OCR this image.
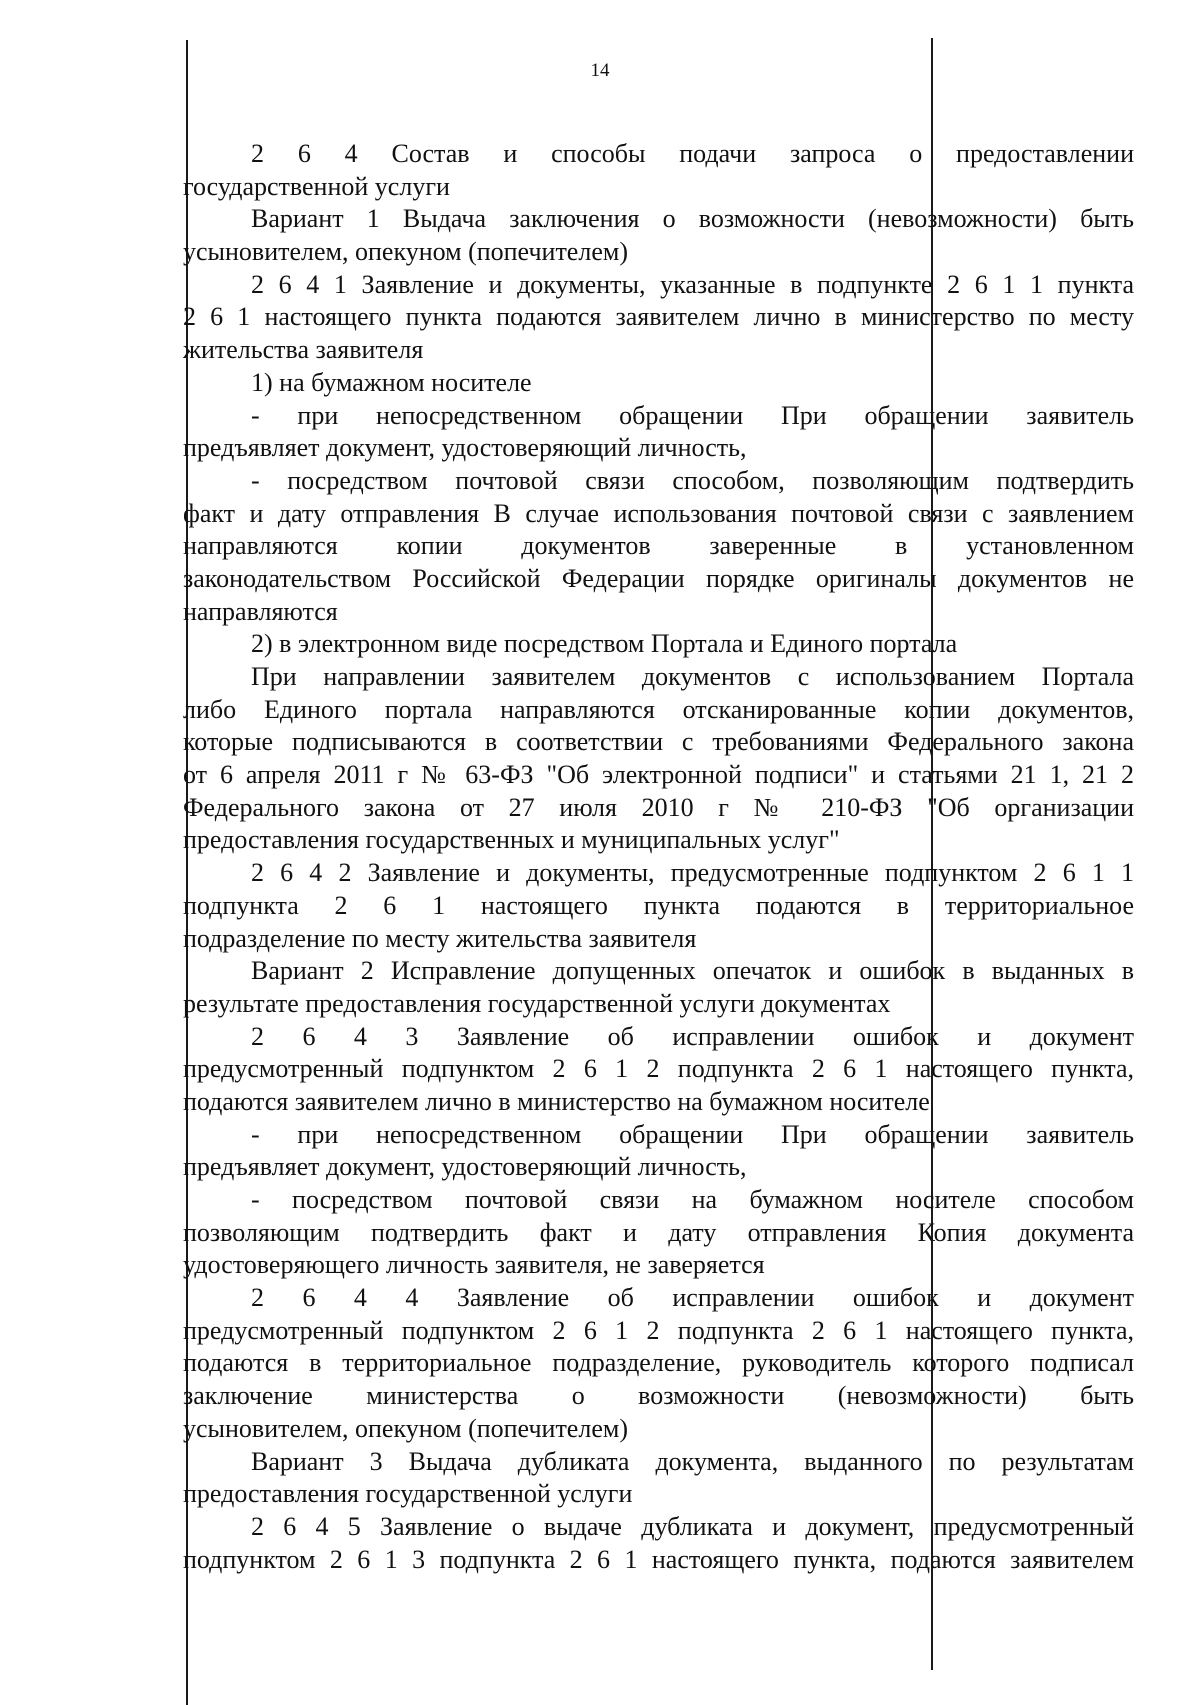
14
2 6 4 Состав и способы подачи запроса о предоставлении
государственной услуги
Вариант 1 Выдача заключения о возможности (невозможности) быть
усыновителем, опекуном (попечителем)
2 6 4 1 Заявление и документы, указанные в подпункте 2 6 1 1 пункта
2 6 1 настоящего пункта подаются заявителем лично в министерство по месту
жительства заявителя
1) на бумажном носителе
- при непосредственном обращении При обращении заявитель
предъявляет документ, удостоверяющий личность,
- посредством почтовой связи способом, позволяющим подтвердить
факт и дату отправления В случае использования почтовой связи с заявлением
направляются копии документов заверенные в установленном
законодательством Российской Федерации порядке оригиналы документов не
направляются
2) в электронном виде посредством Портала и Единого портала
При направлении заявителем документов с использованием Портала
либо Единого портала направляются отсканированные копии документов,
которые подписываются в соответствии с требованиями Федерального закона
от 6 апреля 2011 г № 63-ФЗ "Об электронной подписи" и статьями 21 1, 21 2
Федерального закона от 27 июля 2010 г № 210-ФЗ "Об организации
предоставления государственных и муниципальных услуг"
2 6 4 2 Заявление и документы, предусмотренные подпунктом 2 6 1 1
подпункта 2 6 1 настоящего пункта подаются в территориальное
подразделение по месту жительства заявителя
Вариант 2 Исправление допущенных опечаток и ошибок в выданных в
результате предоставления государственной услуги документах
2 6 4 3 Заявление об исправлении ошибок и документ
предусмотренный подпунктом 2 6 1 2 подпункта 2 6 1 настоящего пункта,
подаются заявителем лично в министерство на бумажном носителе
- при непосредственном обращении При обращении заявитель
предъявляет документ, удостоверяющий личность,
- посредством почтовой связи на бумажном носителе способом
позволяющим подтвердить факт и дату отправления Копия документа
удостоверяющего личность заявителя, не заверяется
2 6 4 4 Заявление об исправлении ошибок и документ
предусмотренный подпунктом 2 6 1 2 подпункта 2 6 1 настоящего пункта,
подаются в территориальное подразделение, руководитель которого подписал
заключение министерства о возможности (невозможности) быть
усыновителем, опекуном (попечителем)
Вариант 3 Выдача дубликата документа, выданного по результатам
предоставления государственной услуги
2 6 4 5 Заявление о выдаче дубликата и документ, предусмотренный
подпунктом 2 6 1 3 подпункта 2 6 1 настоящего пункта, подаются заявителем
